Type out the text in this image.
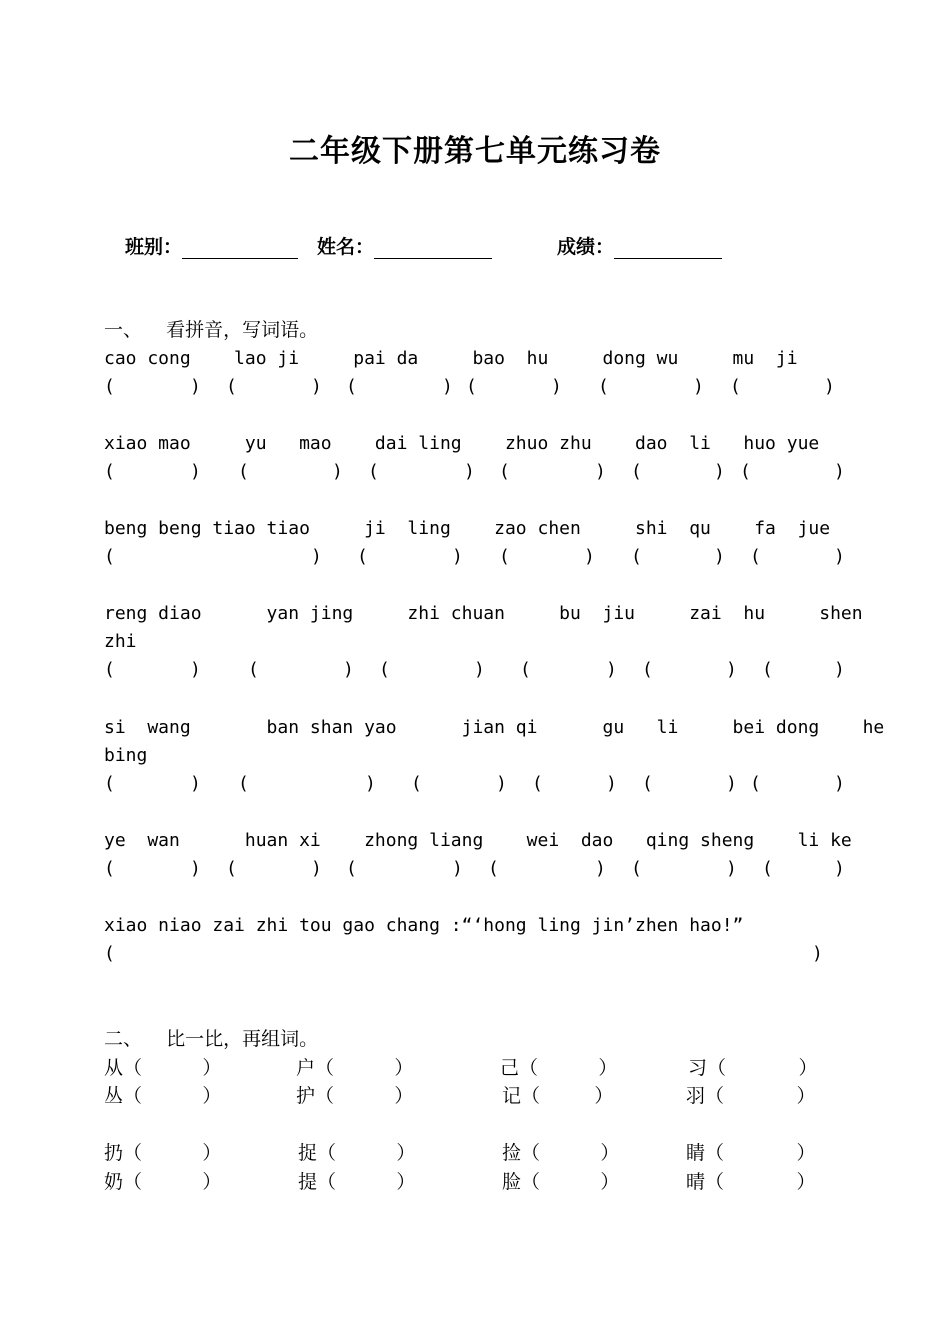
二年级下册第七单元练习卷
班别：	姓名：	成绩：
一、    看拼音，写词语。
cao cong    lao ji     pai da     bao  hu     dong wu     mu  ji
(	) (	) (	) (	) (	) (	)
xiao mao     yu   mao    dai ling    zhuo zhu    dao  li   huo yue
(	) (	) (	) (	) (	) (	)
beng beng tiao tiao     ji  ling    zao chen     shi  qu    fa  jue
(	) (	) (	) (	) (	)
reng diao      yan jing     zhi chuan     bu  jiu     zai  hu     shen
zhi
(	)	(	) (	) (	) (	) (	)
si  wang       ban shan yao      jian qi      gu   li     bei dong    he
bing
(	) (	) (	) (	) (	) (	)
ye  wan      huan xi    zhong liang    wei  dao   qing sheng    li ke
(	) (	) (	) (	) (	) (	)
xiao niao zai zhi tou gao chang :“‘hong ling jin’zhen hao!”
(	)
二、    比一比，再组词。
从（          ）	户（          ）	己（          ）	习（            ）
丛（          ）	护（          ）	记（         ）	羽（            ）
扔（          ）	捉（          ）	捡（          ）	睛（            ）
奶（          ）	提（          ）	脸（          ）	晴（            ）
